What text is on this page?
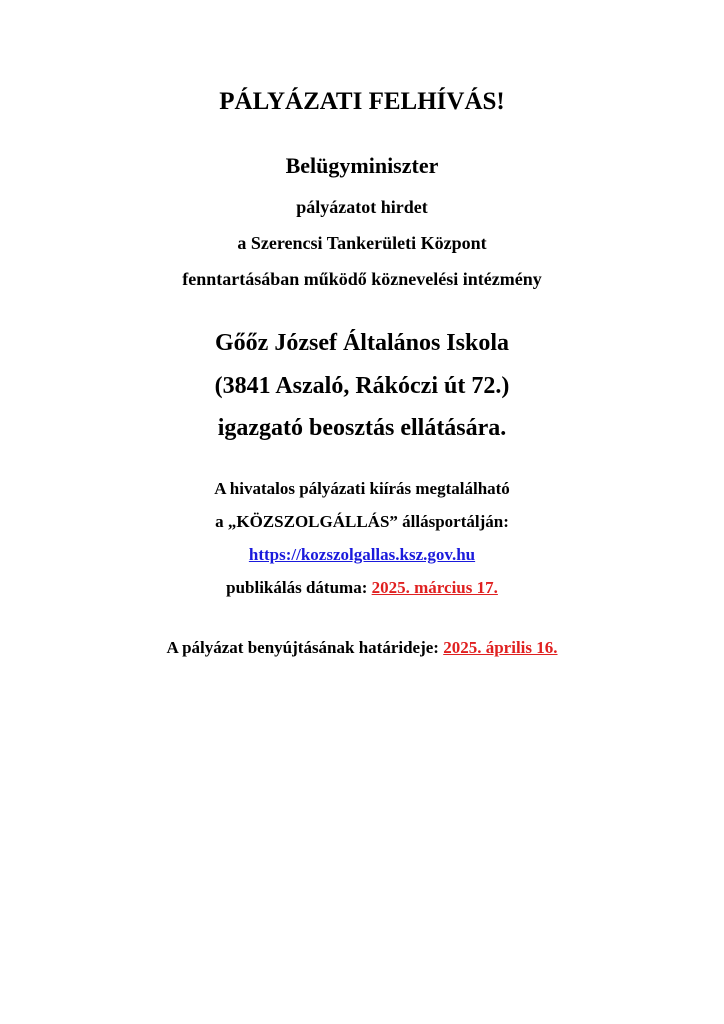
PÁLYÁZATI FELHÍVÁS!
Belügyminiszter
pályázatot hirdet
a Szerencsi Tankerületi Központ
fenntartásában működő köznevelési intézmény
Gőőz József Általános Iskola
(3841 Aszaló, Rákóczi út 72.)
igazgató beosztás ellátására.
A hivatalos pályázati kiírás megtalálható
a „KÖZSZOLGÁLLÁS” állásportálján:
https://kozszolgallas.ksz.gov.hu
publikálás dátuma: 2025. március 17.
A pályázat benyújtásának határideje: 2025. április 16.
